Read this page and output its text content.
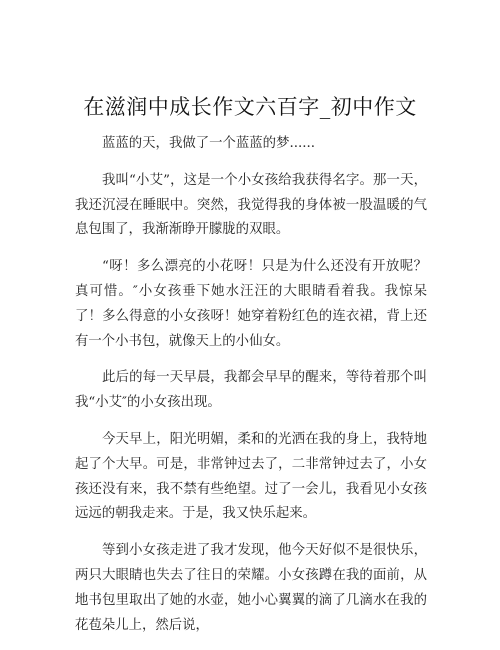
在滋润中成长作文六百字_初中作文

蓝蓝的天，我做了一个蓝蓝的梦......

我叫“小艾”，这是一个小女孩给我获得名字。那一天，我还沉浸在睡眠中。突然，我觉得我的身体被一股温暖的气息包围了，我渐渐睁开朦胧的双眼。

“呀！多么漂亮的小花呀！只是为什么还没有开放呢？真可惜。″小女孩垂下她水汪汪的大眼睛看着我。我惊呆了！多么得意的小女孩呀！她穿着粉红色的连衣裙，背上还有一个小书包，就像天上的小仙女。

此后的每一天早晨，我都会早早的醒来，等待着那个叫我“小艾″的小女孩出现。

今天早上，阳光明媚，柔和的光洒在我的身上，我特地起了个大早。可是，非常钟过去了，二非常钟过去了，小女孩还没有来，我不禁有些绝望。过了一会儿，我看见小女孩远远的朝我走来。于是，我又快乐起来。

等到小女孩走进了我才发现，他今天好似不是很快乐，两只大眼睛也失去了往日的荣耀。小女孩蹲在我的面前，从地书包里取出了她的水壶，她小心翼翼的滴了几滴水在我的花苞朵儿上，然后说，
